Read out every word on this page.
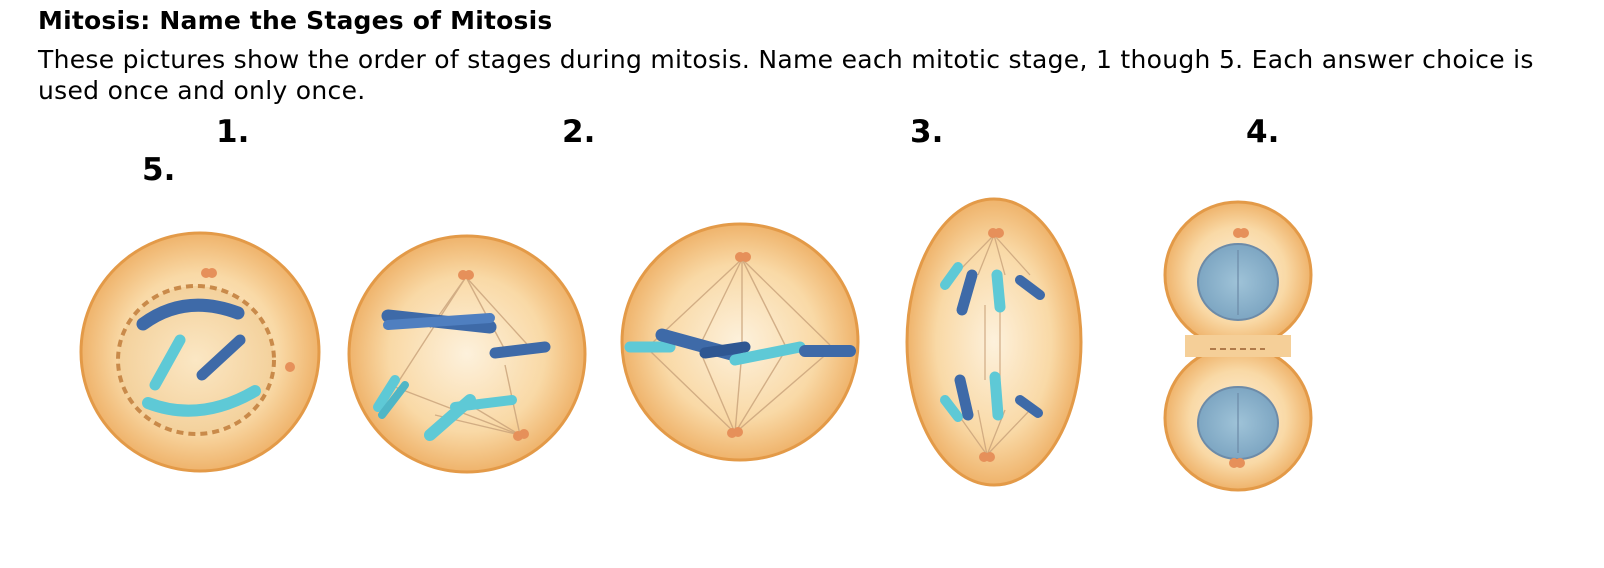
Mitosis: Name the Stages of Mitosis
These pictures show the order of stages during mitosis. Name each mitotic stage, 1 though 5. Each answer choice is used once and only once.
1.	2.	3.	4.
5.
